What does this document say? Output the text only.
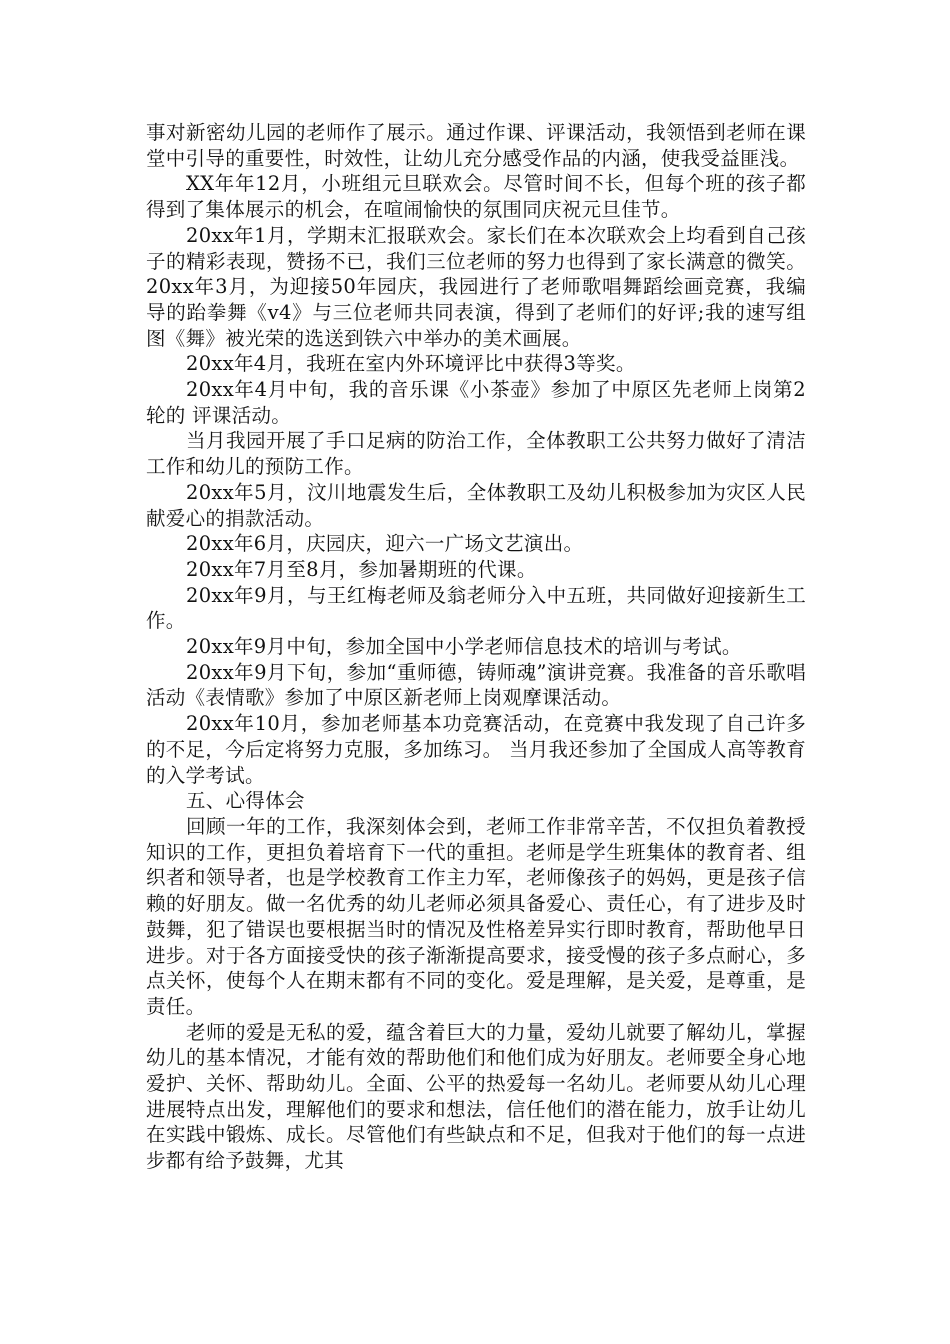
事对新密幼儿园的老师作了展示。通过作课、评课活动，我领悟到老师在课堂中引导的重要性，时效性，让幼儿充分感受作品的内涵，使我受益匪浅。

XX年年12月，小班组元旦联欢会。尽管时间不长，但每个班的孩子都得到了集体展示的机会，在喧闹愉快的氛围同庆祝元旦佳节。

20xx年1月，学期末汇报联欢会。家长们在本次联欢会上均看到自己孩子的精彩表现，赞扬不已，我们三位老师的努力也得到了家长满意的微笑。20xx年3月，为迎接50年园庆，我园进行了老师歌唱舞蹈绘画竞赛，我编导的跆拳舞《v4》与三位老师共同表演，得到了老师们的好评;我的速写组图《舞》被光荣的选送到铁六中举办的美术画展。

20xx年4月，我班在室内外环境评比中获得3等奖。

20xx年4月中旬，我的音乐课《小茶壶》参加了中原区先老师上岗第2轮的 评课活动。

当月我园开展了手口足病的防治工作，全体教职工公共努力做好了清洁工作和幼儿的预防工作。

20xx年5月，汶川地震发生后，全体教职工及幼儿积极参加为灾区人民献爱心的捐款活动。

20xx年6月，庆园庆，迎六一广场文艺演出。

20xx年7月至8月，参加暑期班的代课。

20xx年9月，与王红梅老师及翁老师分入中五班，共同做好迎接新生工作。

20xx年9月中旬，参加全国中小学老师信息技术的培训与考试。

20xx年9月下旬，参加“重师德，铸师魂”演讲竞赛。我准备的音乐歌唱活动《表情歌》参加了中原区新老师上岗观摩课活动。

20xx年10月，参加老师基本功竞赛活动，在竞赛中我发现了自己许多的不足，今后定将努力克服，多加练习。 当月我还参加了全国成人高等教育的入学考试。

五、心得体会

回顾一年的工作，我深刻体会到，老师工作非常辛苦，不仅担负着教授知识的工作，更担负着培育下一代的重担。老师是学生班集体的教育者、组织者和领导者，也是学校教育工作主力军，老师像孩子的妈妈，更是孩子信赖的好朋友。做一名优秀的幼儿老师必须具备爱心、责任心，有了进步及时鼓舞，犯了错误也要根据当时的情况及性格差异实行即时教育，帮助他早日进步。对于各方面接受快的孩子渐渐提高要求，接受慢的孩子多点耐心，多点关怀，使每个人在期末都有不同的变化。爱是理解，是关爱，是尊重，是责任。

老师的爱是无私的爱，蕴含着巨大的力量，爱幼儿就要了解幼儿，掌握幼儿的基本情况，才能有效的帮助他们和他们成为好朋友。老师要全身心地爱护、关怀、帮助幼儿。全面、公平的热爱每一名幼儿。老师要从幼儿心理进展特点出发，理解他们的要求和想法，信任他们的潜在能力，放手让幼儿在实践中锻炼、成长。尽管他们有些缺点和不足，但我对于他们的每一点进步都有给予鼓舞，尤其
